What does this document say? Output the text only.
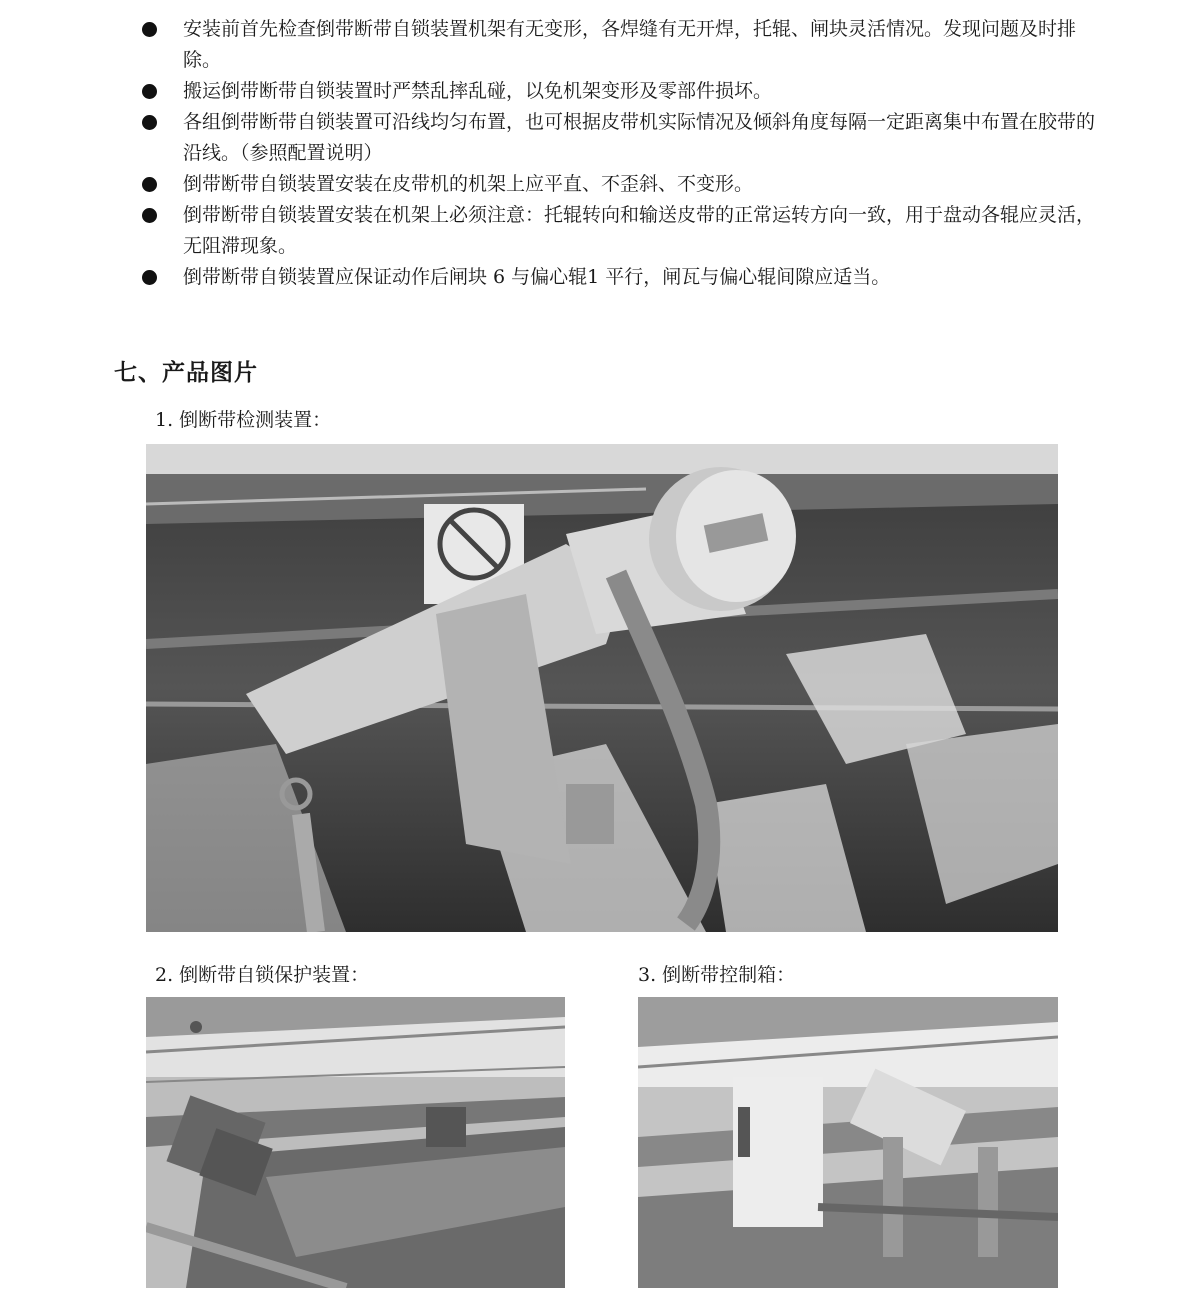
安装前首先检查倒带断带自锁装置机架有无变形，各焊缝有无开焊，托辊、闸块灵活情况。发现问题及时排除。
搬运倒带断带自锁装置时严禁乱摔乱碰，以免机架变形及零部件损坏。
各组倒带断带自锁装置可沿线均匀布置，也可根据皮带机实际情况及倾斜角度每隔一定距离集中布置在胶带的沿线。（参照配置说明）
倒带断带自锁装置安装在皮带机的机架上应平直、不歪斜、不变形。
倒带断带自锁装置安装在机架上必须注意：托辊转向和输送皮带的正常运转方向一致，用于盘动各辊应灵活，无阻滞现象。
倒带断带自锁装置应保证动作后闸块 6 与偏心辊1 平行，闸瓦与偏心辊间隙应适当。
七、产品图片
1. 倒断带检测装置：
2. 倒断带自锁保护装置：	3. 倒断带控制箱：
